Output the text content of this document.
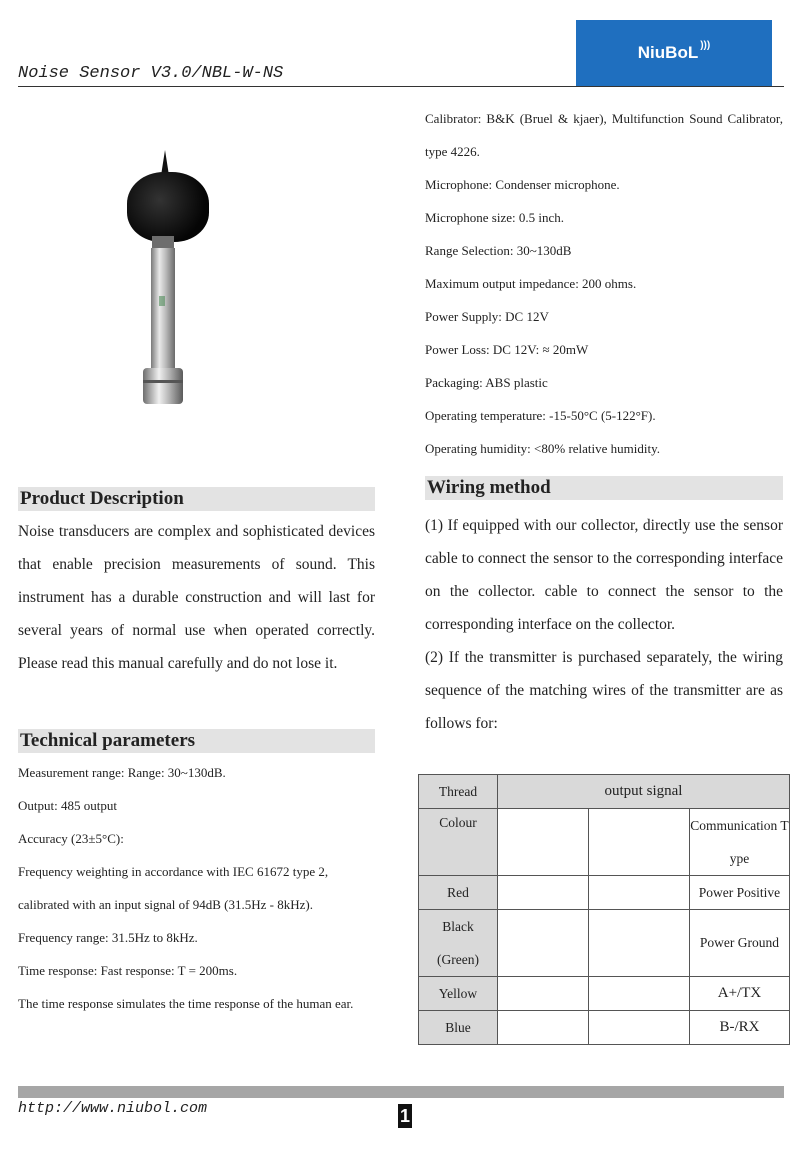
Noise Sensor V3.0/NBL-W-NS
NiuBoL )))
Product Description
Noise transducers are complex and sophisticated devices that enable precision measurements of sound. This instrument has a durable construction and will last for several years of normal use when operated correctly. Please read this manual carefully and do not lose it.
Technical parameters

Measurement range: Range: 30~130dB.

Output: 485 output

Accuracy (23±5°C):

Frequency weighting in accordance with IEC 61672 type 2,

calibrated with an input signal of 94dB (31.5Hz - 8kHz).

Frequency range: 31.5Hz to 8kHz.

Time response: Fast response: T = 200ms.

The time response simulates the time response of the human ear.

Calibrator: B&K (Bruel & kjaer), Multifunction Sound Calibrator, type 4226.

Microphone: Condenser microphone.

Microphone size: 0.5 inch.

Range Selection: 30~130dB

Maximum output impedance: 200 ohms.

Power Supply: DC 12V

Power Loss: DC 12V: ≈ 20mW

Packaging: ABS plastic

Operating temperature: -15-50°C (5-122°F).

Operating humidity: <80% relative humidity.

Wiring method
(1) If equipped with our collector, directly use the sensor cable to connect the sensor to the corresponding interface on the collector. cable to connect the sensor to the corresponding interface on the collector.
(2) If the transmitter is purchased separately, the wiring sequence of the matching wires of the transmitter are as follows for:
Thread	output signal		
Colour			Communication Type
Red			Power Positive
Black (Green)			Power Ground
Yellow			A+/TX
Blue			B-/RX
http://www.niubol.com	1
